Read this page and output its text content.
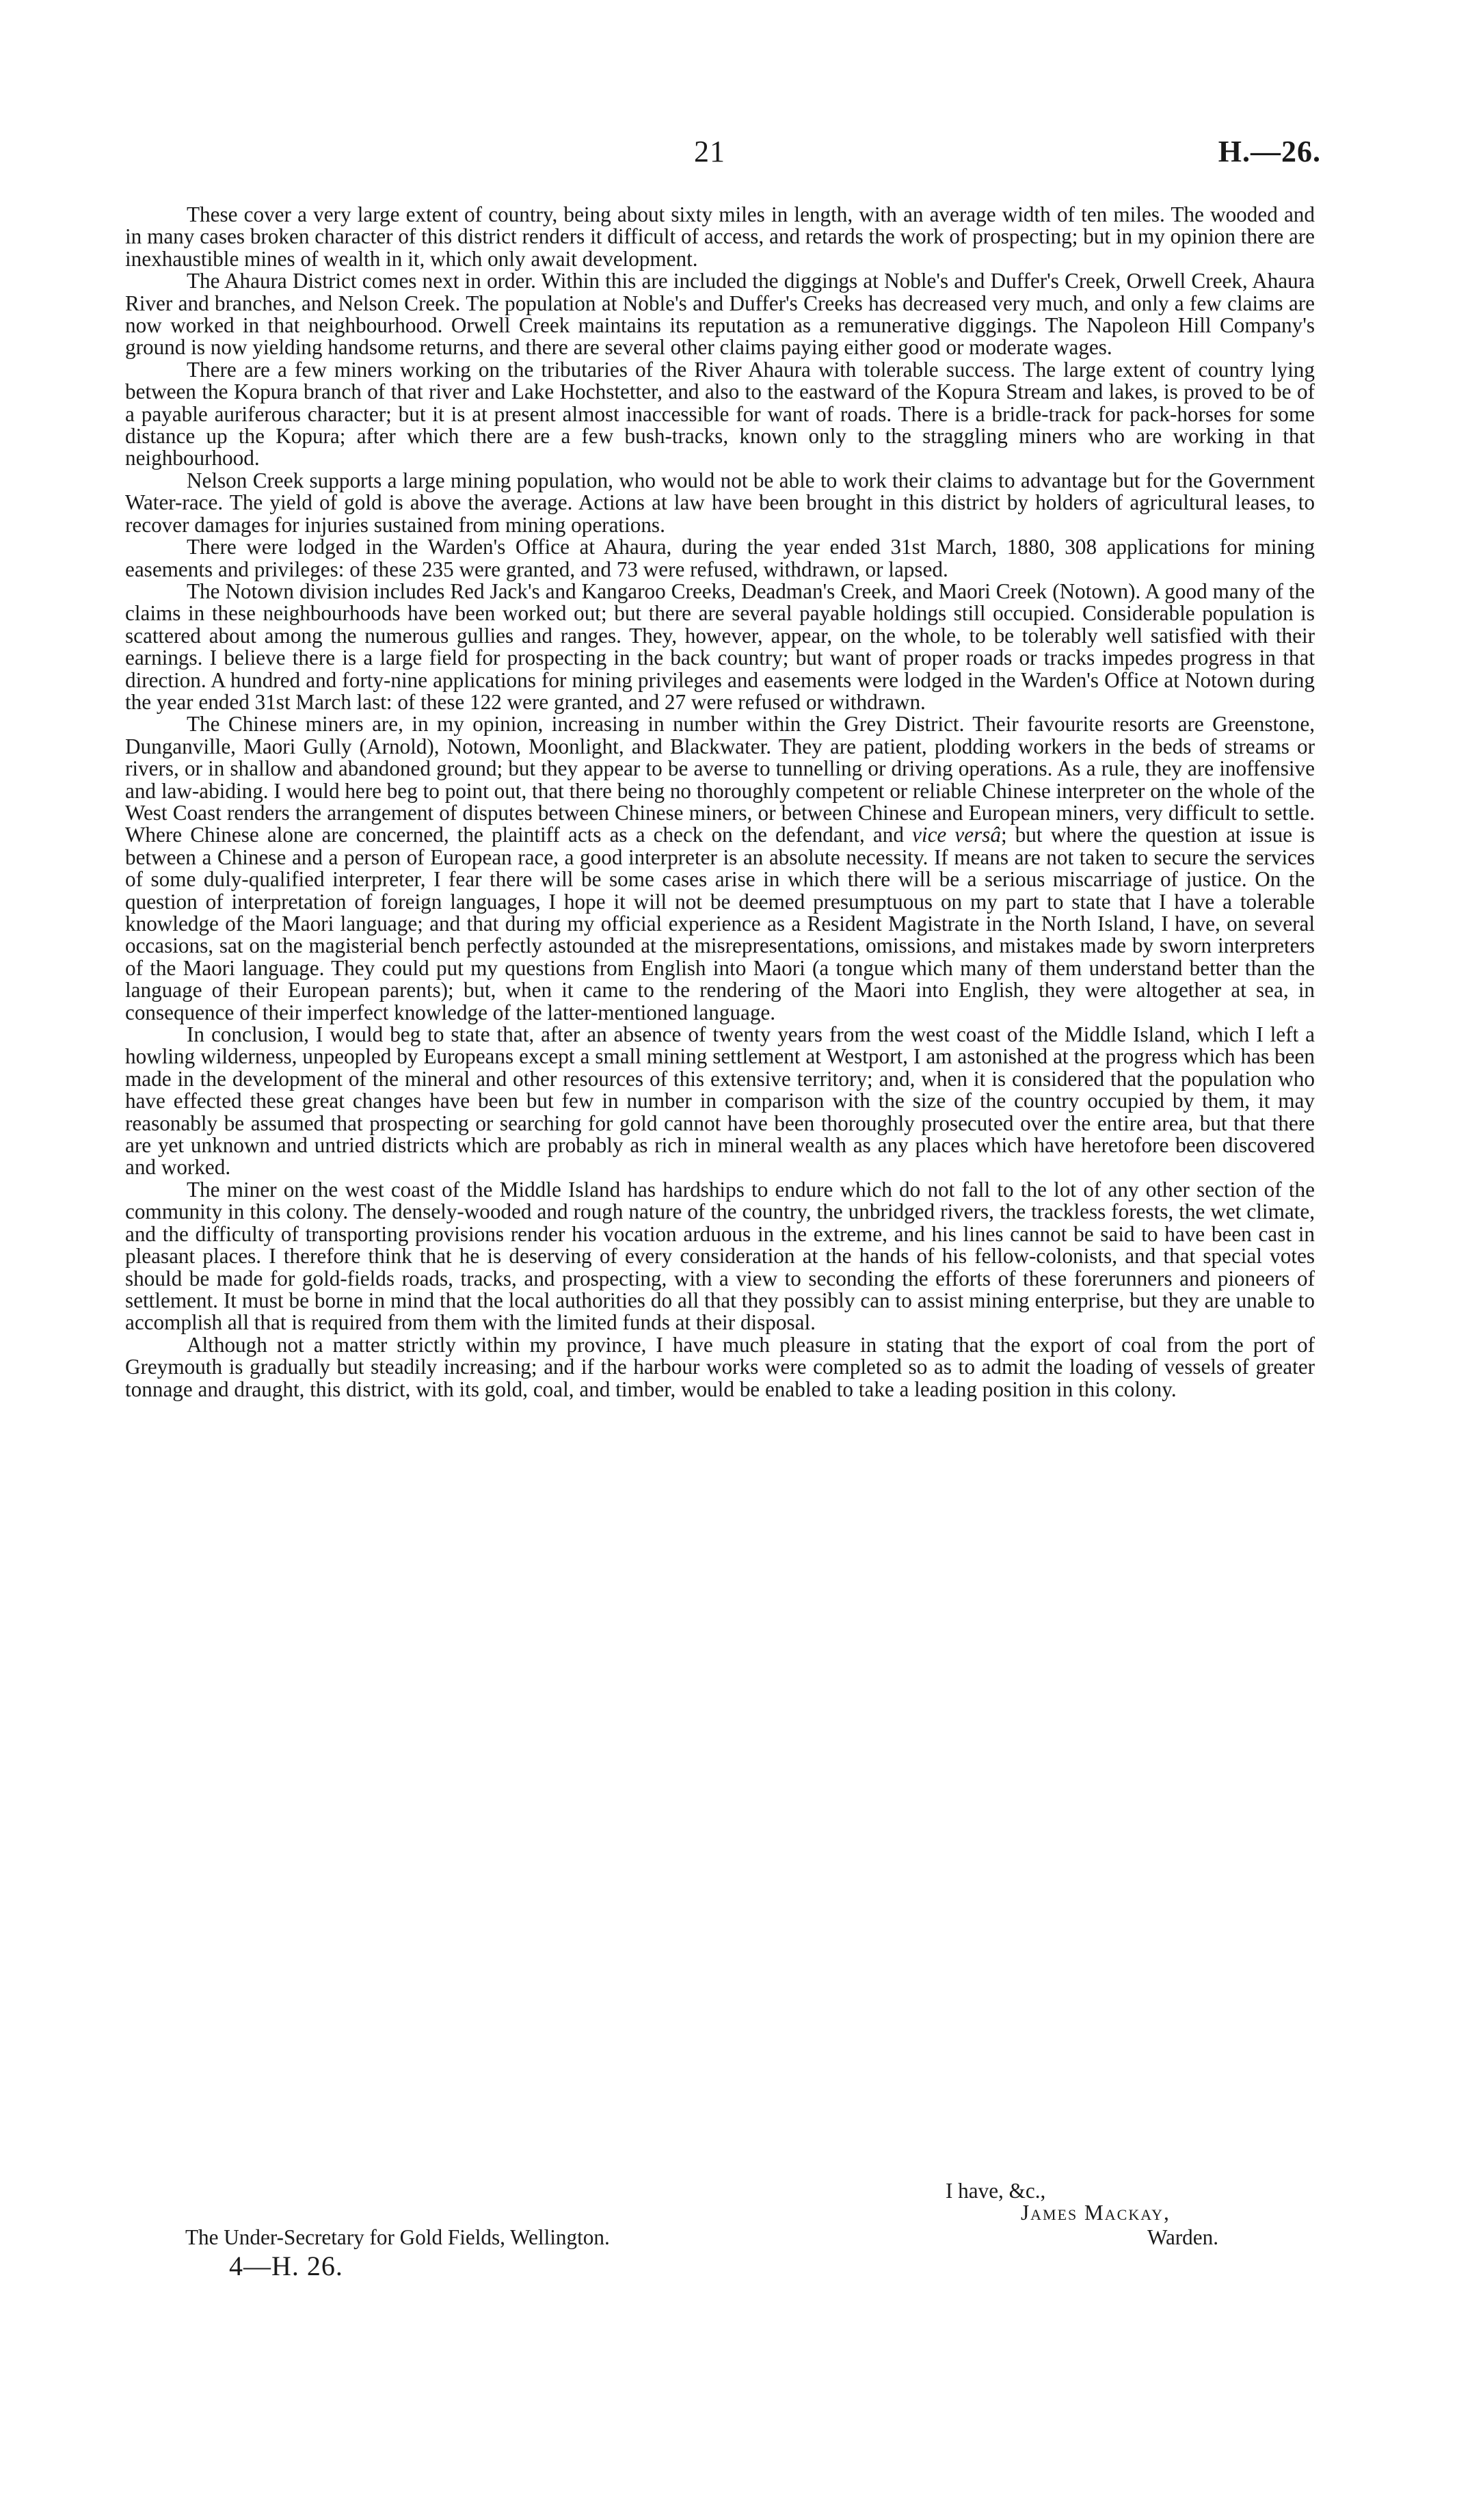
21	H.—26.

These cover a very large extent of country, being about sixty miles in length, with an average width of ten miles. The wooded and in many cases broken character of this district renders it difficult of access, and retards the work of prospecting; but in my opinion there are inexhaustible mines of wealth in it, which only await development.

The Ahaura District comes next in order. Within this are included the diggings at Noble's and Duffer's Creek, Orwell Creek, Ahaura River and branches, and Nelson Creek. The population at Noble's and Duffer's Creeks has decreased very much, and only a few claims are now worked in that neighbourhood. Orwell Creek maintains its reputation as a remunerative diggings. The Napoleon Hill Company's ground is now yielding handsome returns, and there are several other claims paying either good or moderate wages.

There are a few miners working on the tributaries of the River Ahaura with tolerable success. The large extent of country lying between the Kopura branch of that river and Lake Hochstetter, and also to the eastward of the Kopura Stream and lakes, is proved to be of a payable auriferous character; but it is at present almost inaccessible for want of roads. There is a bridle-track for pack-horses for some distance up the Kopura; after which there are a few bush-tracks, known only to the straggling miners who are working in that neighbourhood.

Nelson Creek supports a large mining population, who would not be able to work their claims to advantage but for the Government Water-race. The yield of gold is above the average. Actions at law have been brought in this district by holders of agricultural leases, to recover damages for injuries sustained from mining operations.

There were lodged in the Warden's Office at Ahaura, during the year ended 31st March, 1880, 308 applications for mining easements and privileges: of these 235 were granted, and 73 were refused, withdrawn, or lapsed.

The Notown division includes Red Jack's and Kangaroo Creeks, Deadman's Creek, and Maori Creek (Notown). A good many of the claims in these neighbourhoods have been worked out; but there are several payable holdings still occupied. Considerable population is scattered about among the numerous gullies and ranges. They, however, appear, on the whole, to be tolerably well satisfied with their earnings. I believe there is a large field for prospecting in the back country; but want of proper roads or tracks impedes progress in that direction. A hundred and forty-nine applications for mining privileges and easements were lodged in the Warden's Office at Notown during the year ended 31st March last: of these 122 were granted, and 27 were refused or withdrawn.

The Chinese miners are, in my opinion, increasing in number within the Grey District. Their favourite resorts are Greenstone, Dunganville, Maori Gully (Arnold), Notown, Moonlight, and Blackwater. They are patient, plodding workers in the beds of streams or rivers, or in shallow and abandoned ground; but they appear to be averse to tunnelling or driving operations. As a rule, they are inoffensive and law-abiding. I would here beg to point out, that there being no thoroughly competent or reliable Chinese interpreter on the whole of the West Coast renders the arrangement of disputes between Chinese miners, or between Chinese and European miners, very difficult to settle. Where Chinese alone are concerned, the plaintiff acts as a check on the defendant, and vice versâ; but where the question at issue is between a Chinese and a person of European race, a good interpreter is an absolute necessity. If means are not taken to secure the services of some duly-qualified interpreter, I fear there will be some cases arise in which there will be a serious miscarriage of justice. On the question of interpretation of foreign languages, I hope it will not be deemed presumptuous on my part to state that I have a tolerable knowledge of the Maori language; and that during my official experience as a Resident Magistrate in the North Island, I have, on several occasions, sat on the magisterial bench perfectly astounded at the misrepresentations, omissions, and mistakes made by sworn interpreters of the Maori language. They could put my questions from English into Maori (a tongue which many of them understand better than the language of their European parents); but, when it came to the rendering of the Maori into English, they were altogether at sea, in consequence of their imperfect knowledge of the latter-mentioned language.

In conclusion, I would beg to state that, after an absence of twenty years from the west coast of the Middle Island, which I left a howling wilderness, unpeopled by Europeans except a small mining settlement at Westport, I am astonished at the progress which has been made in the development of the mineral and other resources of this extensive territory; and, when it is considered that the population who have effected these great changes have been but few in number in comparison with the size of the country occupied by them, it may reasonably be assumed that prospecting or searching for gold cannot have been thoroughly prosecuted over the entire area, but that there are yet unknown and untried districts which are probably as rich in mineral wealth as any places which have heretofore been discovered and worked.

The miner on the west coast of the Middle Island has hardships to endure which do not fall to the lot of any other section of the community in this colony. The densely-wooded and rough nature of the country, the unbridged rivers, the trackless forests, the wet climate, and the difficulty of transporting provisions render his vocation arduous in the extreme, and his lines cannot be said to have been cast in pleasant places. I therefore think that he is deserving of every consideration at the hands of his fellow-colonists, and that special votes should be made for gold-fields roads, tracks, and prospecting, with a view to seconding the efforts of these forerunners and pioneers of settlement. It must be borne in mind that the local authorities do all that they possibly can to assist mining enterprise, but they are unable to accomplish all that is required from them with the limited funds at their disposal.

Although not a matter strictly within my province, I have much pleasure in stating that the export of coal from the port of Greymouth is gradually but steadily increasing; and if the harbour works were completed so as to admit the loading of vessels of greater tonnage and draught, this district, with its gold, coal, and timber, would be enabled to take a leading position in this colony.

I have, &c.,
James Mackay,
The Under-Secretary for Gold Fields, Wellington.	Warden.
4—H. 26.
